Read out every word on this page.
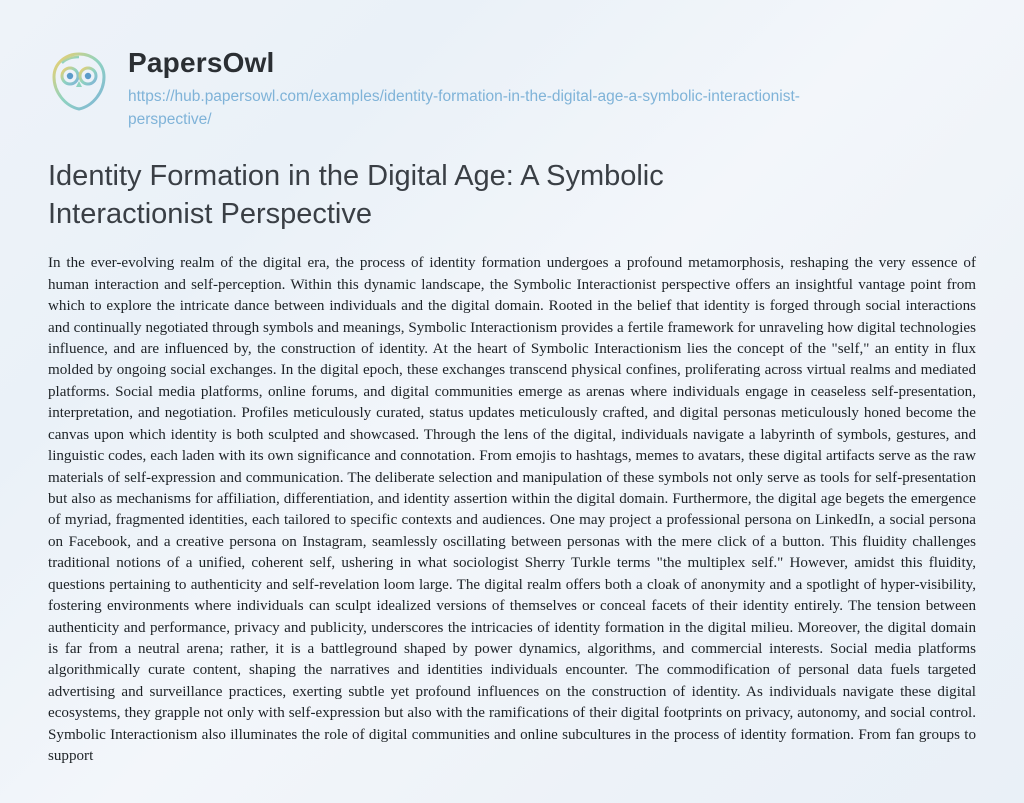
PapersOwl
https://hub.papersowl.com/examples/identity-formation-in-the-digital-age-a-symbolic-interactionist-perspective/
Identity Formation in the Digital Age: A Symbolic Interactionist Perspective

In the ever-evolving realm of the digital era, the process of identity formation undergoes a profound metamorphosis, reshaping the very essence of human interaction and self-perception. Within this dynamic landscape, the Symbolic Interactionist perspective offers an insightful vantage point from which to explore the intricate dance between individuals and the digital domain. Rooted in the belief that identity is forged through social interactions and continually negotiated through symbols and meanings, Symbolic Interactionism provides a fertile framework for unraveling how digital technologies influence, and are influenced by, the construction of identity. At the heart of Symbolic Interactionism lies the concept of the "self," an entity in flux molded by ongoing social exchanges. In the digital epoch, these exchanges transcend physical confines, proliferating across virtual realms and mediated platforms. Social media platforms, online forums, and digital communities emerge as arenas where individuals engage in ceaseless self-presentation, interpretation, and negotiation. Profiles meticulously curated, status updates meticulously crafted, and digital personas meticulously honed become the canvas upon which identity is both sculpted and showcased. Through the lens of the digital, individuals navigate a labyrinth of symbols, gestures, and linguistic codes, each laden with its own significance and connotation. From emojis to hashtags, memes to avatars, these digital artifacts serve as the raw materials of self-expression and communication. The deliberate selection and manipulation of these symbols not only serve as tools for self-presentation but also as mechanisms for affiliation, differentiation, and identity assertion within the digital domain. Furthermore, the digital age begets the emergence of myriad, fragmented identities, each tailored to specific contexts and audiences. One may project a professional persona on LinkedIn, a social persona on Facebook, and a creative persona on Instagram, seamlessly oscillating between personas with the mere click of a button. This fluidity challenges traditional notions of a unified, coherent self, ushering in what sociologist Sherry Turkle terms "the multiplex self." However, amidst this fluidity, questions pertaining to authenticity and self-revelation loom large. The digital realm offers both a cloak of anonymity and a spotlight of hyper-visibility, fostering environments where individuals can sculpt idealized versions of themselves or conceal facets of their identity entirely. The tension between authenticity and performance, privacy and publicity, underscores the intricacies of identity formation in the digital milieu. Moreover, the digital domain is far from a neutral arena; rather, it is a battleground shaped by power dynamics, algorithms, and commercial interests. Social media platforms algorithmically curate content, shaping the narratives and identities individuals encounter. The commodification of personal data fuels targeted advertising and surveillance practices, exerting subtle yet profound influences on the construction of identity. As individuals navigate these digital ecosystems, they grapple not only with self-expression but also with the ramifications of their digital footprints on privacy, autonomy, and social control. Symbolic Interactionism also illuminates the role of digital communities and online subcultures in the process of identity formation. From fan groups to support
